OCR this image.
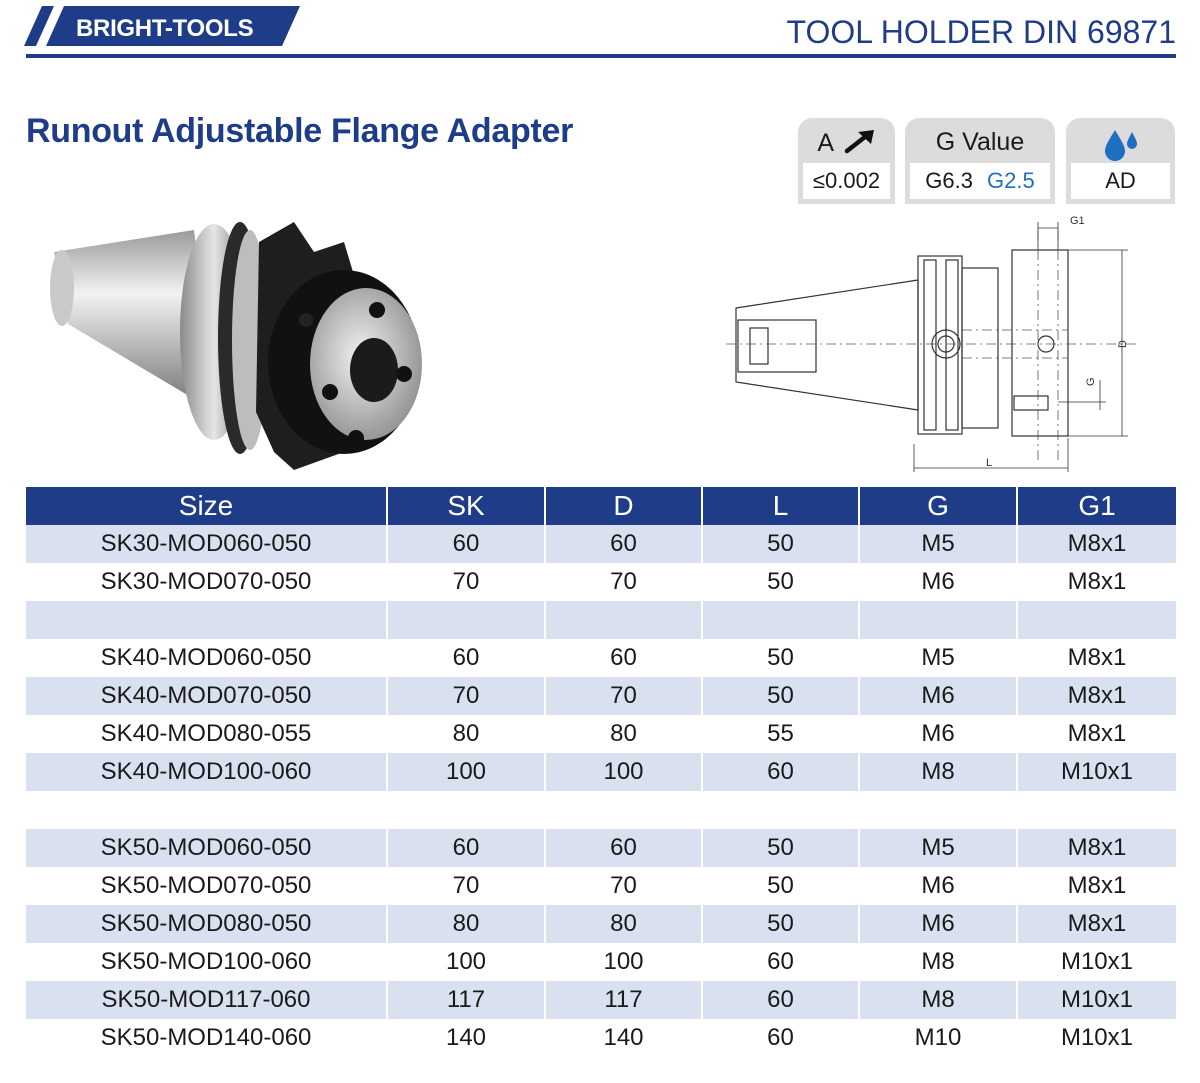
BRIGHT-TOOLS	TOOL HOLDER DIN 69871
Runout Adjustable Flange Adapter	A
≤0.002
G Value
G6.3 G2.5	AD
G1
D
G
L
Size	SK	D	L	G	G1
SK30-MOD060-050	60	60	50	M5	M8x1
SK30-MOD070-050	70	70	50	M6	M8x1
SK40-MOD060-050	60	60	50	M5	M8x1
SK40-MOD070-050	70	70	50	M6	M8x1
SK40-MOD080-055	80	80	55	M6	M8x1
SK40-MOD100-060	100	100	60	M8	M10x1
SK50-MOD060-050	60	60	50	M5	M8x1
SK50-MOD070-050	70	70	50	M6	M8x1
SK50-MOD080-050	80	80	50	M6	M8x1
SK50-MOD100-060	100	100	60	M8	M10x1
SK50-MOD117-060	117	117	60	M8	M10x1
SK50-MOD140-060	140	140	60	M10	M10x1
